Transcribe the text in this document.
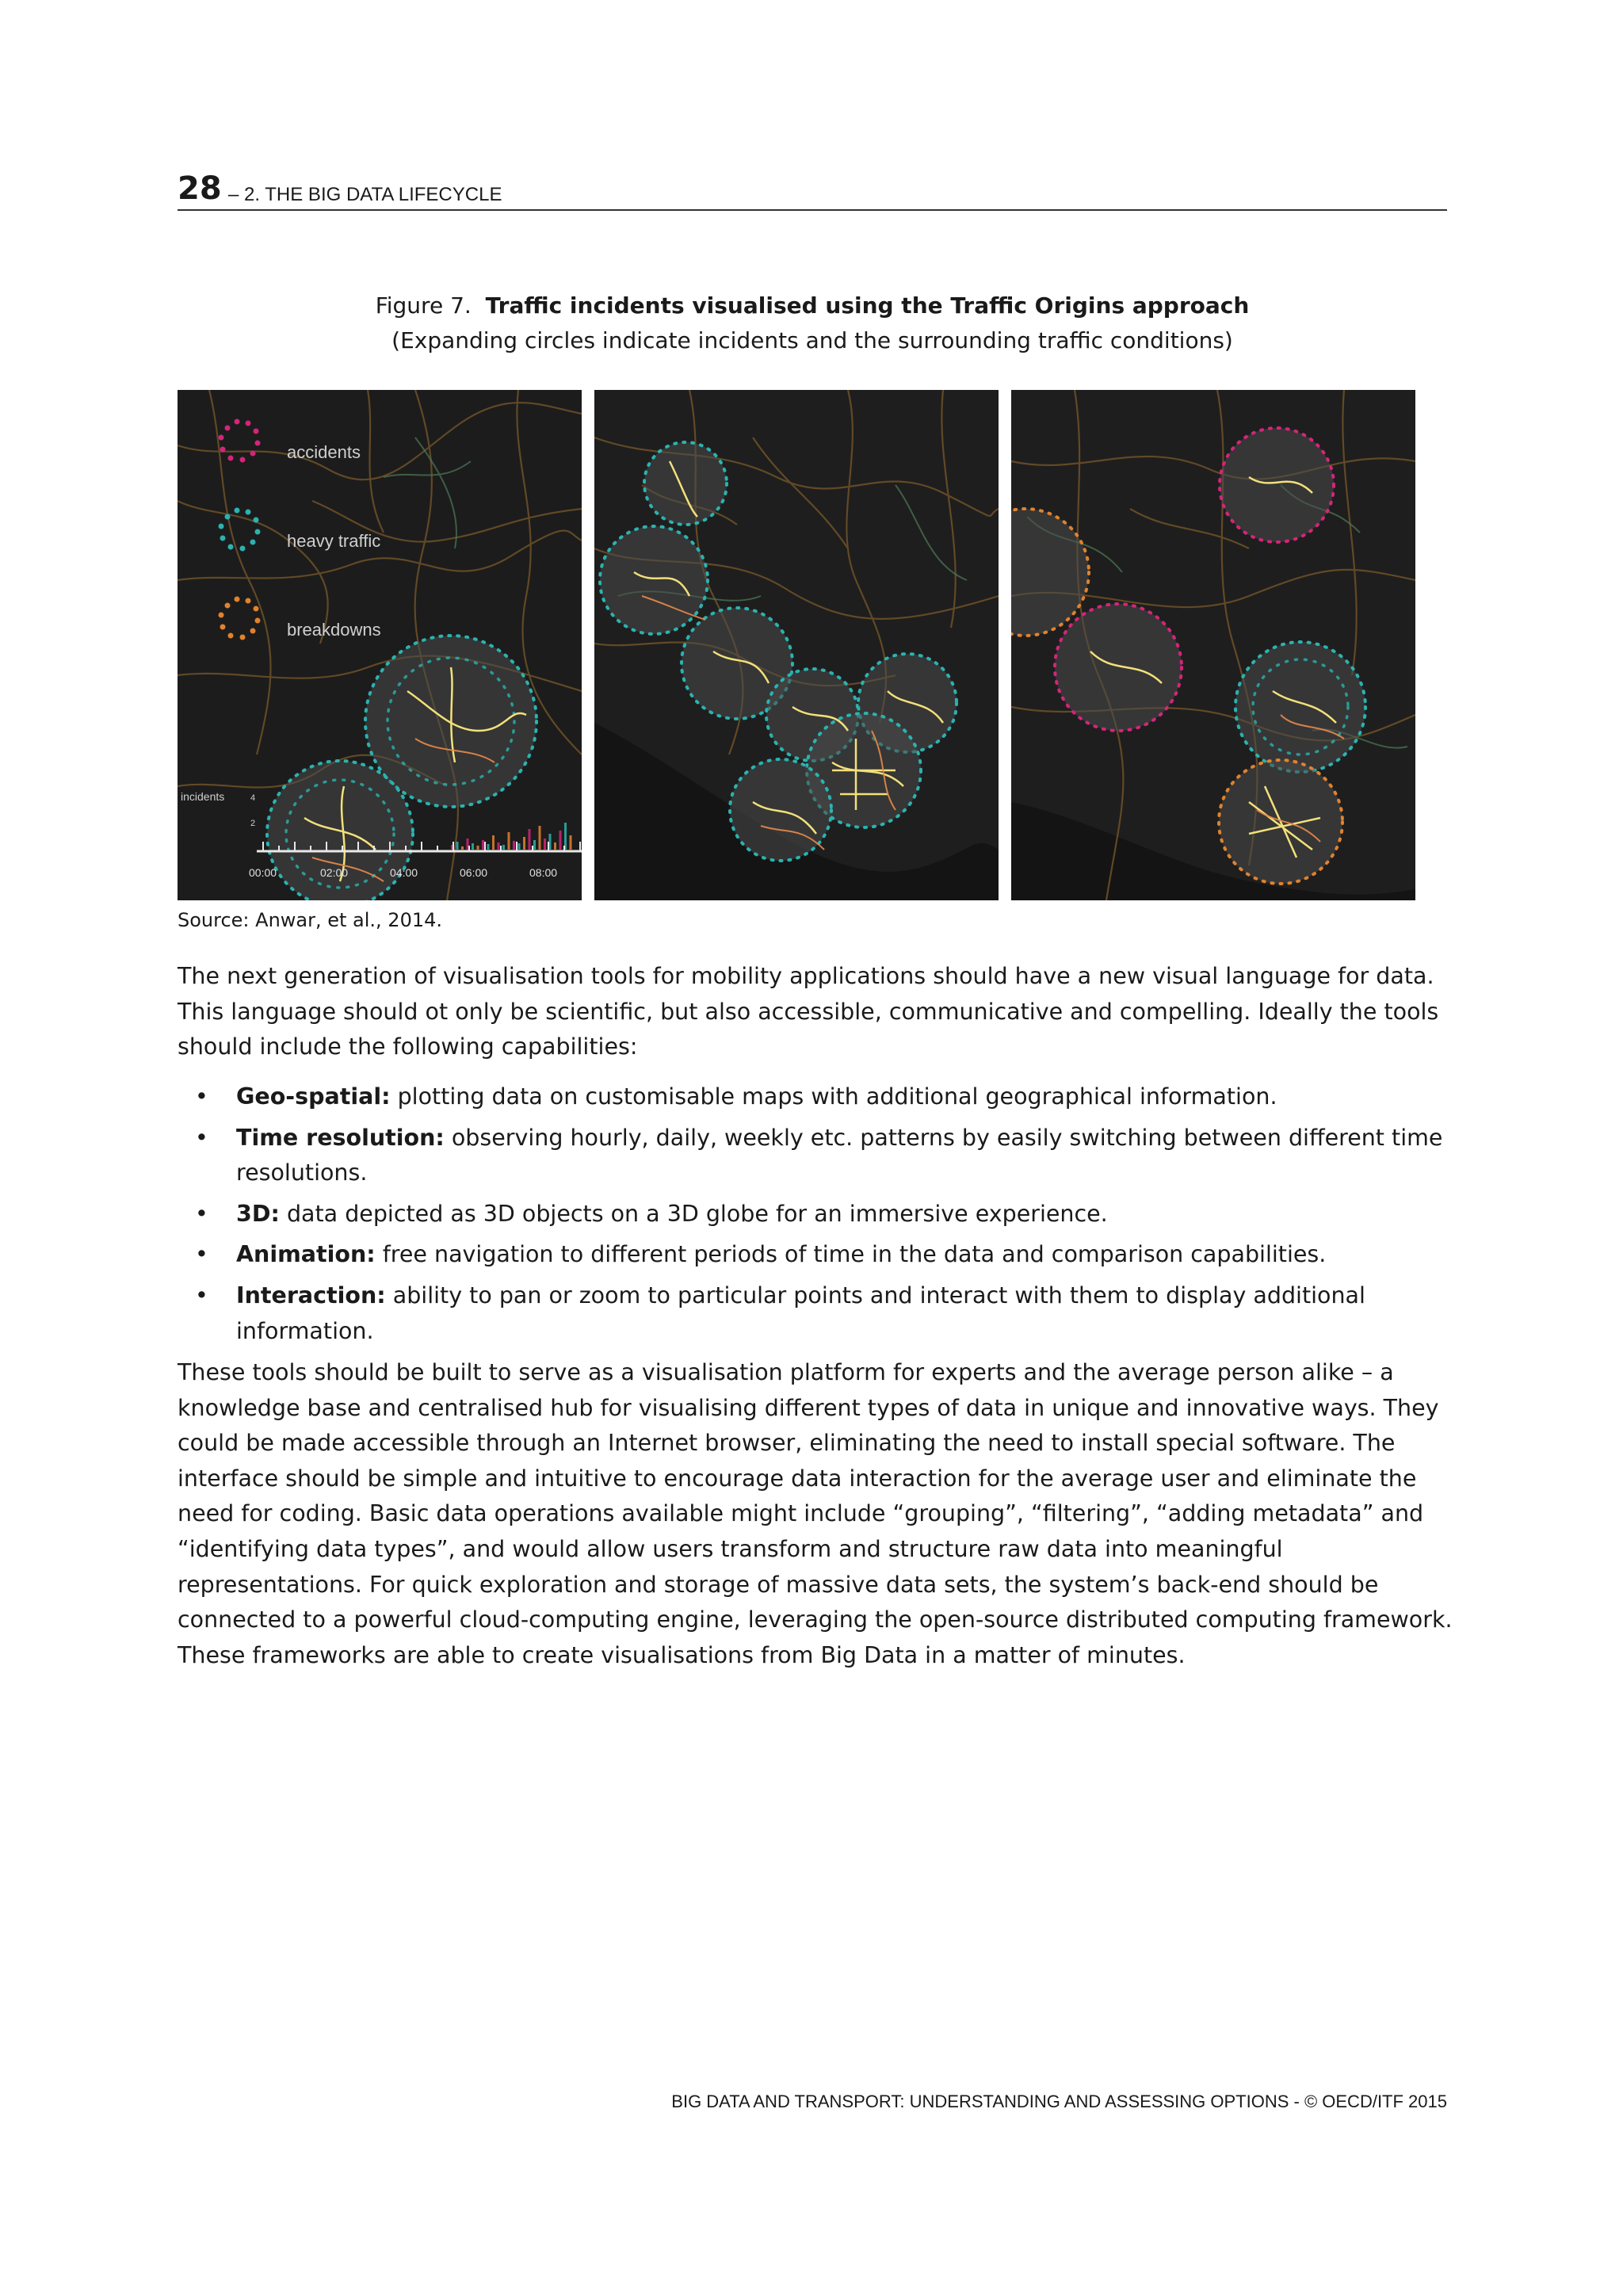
28 – 2. THE BIG DATA LIFECYCLE
Figure 7. Traffic incidents visualised using the Traffic Origins approach
(Expanding circles indicate incidents and the surrounding traffic conditions)
accidents
heavy traffic
breakdowns
incidents	4
2
00:00	02:00	04:00	06:00	08:00
Source: Anwar, et al., 2014.

The next generation of visualisation tools for mobility applications should have a new visual language for data. This language should ot only be scientific, but also accessible, communicative and compelling. Ideally the tools should include the following capabilities:

• Geo-spatial: plotting data on customisable maps with additional geographical information.
• Time resolution: observing hourly, daily, weekly etc. patterns by easily switching between different time resolutions.
• 3D: data depicted as 3D objects on a 3D globe for an immersive experience.
• Animation: free navigation to different periods of time in the data and comparison capabilities.
• Interaction: ability to pan or zoom to particular points and interact with them to display additional information.

These tools should be built to serve as a visualisation platform for experts and the average person alike – a knowledge base and centralised hub for visualising different types of data in unique and innovative ways. They could be made accessible through an Internet browser, eliminating the need to install special software. The interface should be simple and intuitive to encourage data interaction for the average user and eliminate the need for coding. Basic data operations available might include “grouping”, “filtering”, “adding metadata” and “identifying data types”, and would allow users transform and structure raw data into meaningful representations. For quick exploration and storage of massive data sets, the system’s back-end should be connected to a powerful cloud-computing engine, leveraging the open-source distributed computing framework. These frameworks are able to create visualisations from Big Data in a matter of minutes.

BIG DATA AND TRANSPORT: UNDERSTANDING AND ASSESSING OPTIONS - © OECD/ITF 2015
